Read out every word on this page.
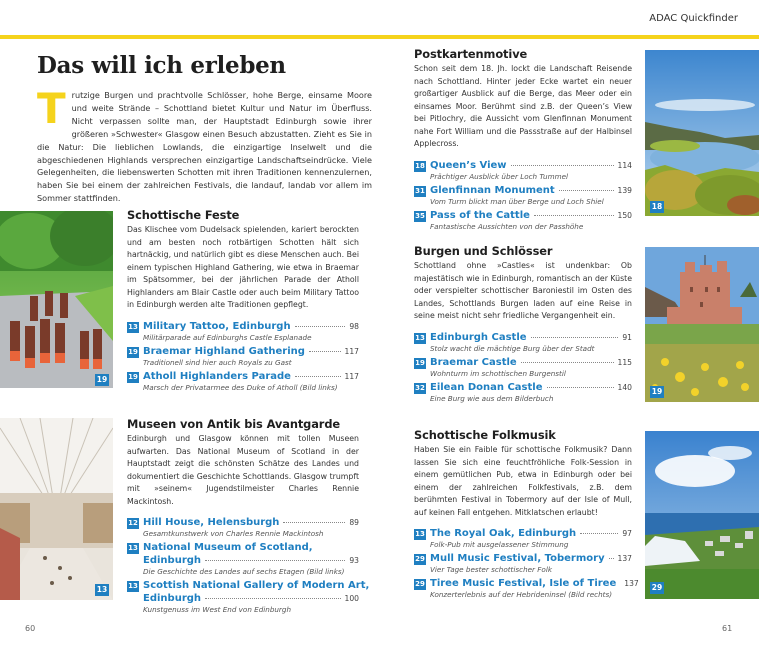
ADAC Quickfinder
Das will ich erleben
Trutzige Burgen und prachtvolle Schlösser, hohe Berge, einsame Moore und weite Strände – Schottland bietet Kultur und Natur im Überfluss. Nicht verpassen sollte man, der Hauptstadt Edinburgh sowie ihrer größeren »Schwester« Glasgow einen Besuch abzustatten. Zieht es Sie in die Natur: Die lieblichen Lowlands, die einzigartige Inselwelt und die abgeschiedenen Highlands versprechen einzigartige Landschaftseindrücke. Viele Gelegenheiten, die liebenswerten Schotten mit ihren Traditionen kennenzulernen, haben Sie bei einem der zahlreichen Festivals, die landauf, landab vor allem im Sommer stattfinden.
19
Schottische Feste

Das Klischee vom Dudelsack spielenden, kariert berockten und am besten noch rotbärtigen Schotten hält sich hartnäckig, und natürlich gibt es diese Menschen auch. Bei einem typischen Highland Gathering, wie etwa in Braemar im Spätsommer, bei der jährlichen Parade der Atholl Highlanders am Blair Castle oder auch beim Military Tattoo in Edinburgh werden alte Traditionen gepflegt.

13 Military Tattoo, Edinburgh	98
Militärparade auf Edinburghs Castle Esplanade
19 Braemar Highland Gathering	117
Traditionell sind hier auch Royals zu Gast
19 Atholl Highlanders Parade	117
Marsch der Privatarmee des Duke of Atholl (Bild links)
13
Museen von Antik bis Avantgarde

Edinburgh und Glasgow können mit tollen Museen aufwarten. Das National Museum of Scotland in der Hauptstadt zeigt die schönsten Schätze des Landes und dokumentiert die Geschichte Schottlands. Glasgow trumpft mit »seinem« Jugendstilmeister Charles Rennie Mackintosh.

12 Hill House, Helensburgh	89
Gesamtkunstwerk von Charles Rennie Mackintosh
13 National Museum of Scotland,
Edinburgh	93
Die Geschichte des Landes auf sechs Etagen (Bild links)
13 Scottish National Gallery of Modern Art,
Edinburgh	100
Kunstgenuss im West End von Edinburgh
60
Postkartenmotive

Schon seit dem 18. Jh. lockt die Landschaft Reisende nach Schottland. Hinter jeder Ecke wartet ein neuer großartiger Ausblick auf die Berge, das Meer oder ein einsames Moor. Berühmt sind z.B. der Queen’s View bei Pitlochry, die Aussicht vom Glenfinnan Monument nahe Fort William und die Passstraße auf der Halbinsel Applecross.

18 Queen’s View	114
Prächtiger Ausblick über Loch Tummel
31 Glenfinnan Monument	139
Vom Turm blickt man über Berge und Loch Shiel
35 Pass of the Cattle	150
Fantastische Aussichten von der Passhöhe
18
Burgen und Schlösser

Schottland ohne »Castles« ist undenkbar: Ob majestätisch wie in Edinburgh, romantisch an der Küste oder verspielter schottischer Baroniestil im Osten des Landes, Schottlands Burgen laden auf eine Reise in seine meist nicht sehr friedliche Vergangenheit ein.

13 Edinburgh Castle	91
Stolz wacht die mächtige Burg über der Stadt
19 Braemar Castle	115
Wohnturm im schottischen Burgenstil
32 Eilean Donan Castle	140
Eine Burg wie aus dem Bilderbuch
19
Schottische Folkmusik

Haben Sie ein Faible für schottische Folkmusik? Dann lassen Sie sich eine feuchtfröhliche Folk-Session in einem gemütlichen Pub, etwa in Edinburgh oder bei einem der zahlreichen Folkfestivals, z.B. dem berühmten Festival in Tobermory auf der Isle of Mull, auf keinen Fall entgehen. Mitklatschen erlaubt!

13 The Royal Oak, Edinburgh	97
Folk-Pub mit ausgelassener Stimmung
29 Mull Music Festival, Tobermory 137
Vier Tage bester schottischer Folk
29 Tiree Music Festival, Isle of Tiree 137
Konzerterlebnis auf der Hebrideninsel (Bild rechts)
29
61
